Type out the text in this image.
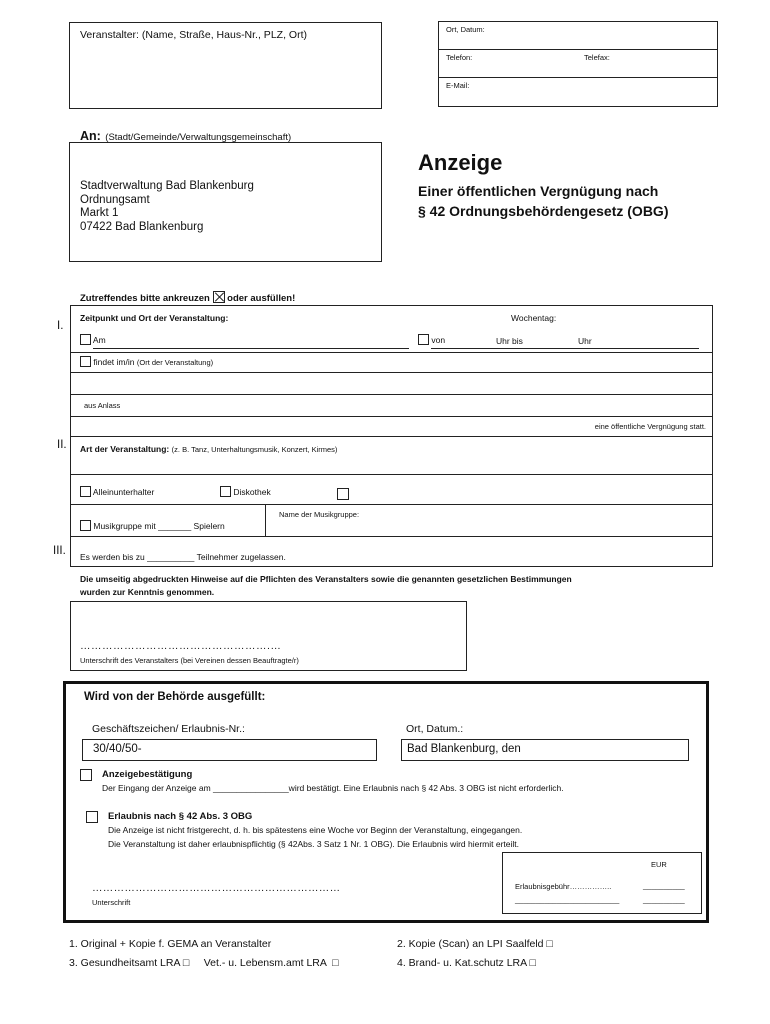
Veranstalter: (Name, Straße, Haus-Nr., PLZ, Ort)	Ort, Datum:
Telefon:	Telefax:
E-Mail:
An: (Stadt/Gemeinde/Verwaltungsgemeinschaft)
Stadtverwaltung Bad Blankenburg
Ordnungsamt
Markt 1
07422 Bad Blankenburg
Anzeige
Einer öffentlichen Vergnügung nach
§ 42 Ordnungsbehördengesetz (OBG)
Zutreffendes bitte ankreuzen oder ausfüllen!
I.
Zeitpunkt und Ort der Veranstaltung:	Wochentag:
Am	von	Uhr bis	Uhr
findet im/in (Ort der Veranstaltung)
aus Anlass
eine öffentliche Vergnügung statt.
II. Art der Veranstaltung: (z. B. Tanz, Unterhaltungsmusik, Konzert, Kirmes)
Alleinunterhalter	Diskothek
Name der Musikgruppe:
Musikgruppe mit _______ Spielern
III. Es werden bis zu __________ Teilnehmer zugelassen.
Die umseitig abgedruckten Hinweise auf die Pflichten des Veranstalters sowie die genannten gesetzlichen Bestimmungen
wurden zur Kenntnis genommen.
…………………………………………….…
Unterschrift des Veranstalters (bei Vereinen dessen Beauftragte/r)
Wird von der Behörde ausgefüllt:
Geschäftszeichen/ Erlaubnis-Nr.:	Ort, Datum.:
30/40/50-	Bad Blankenburg, den
Anzeigebestätigung
Der Eingang der Anzeige am ________________wird bestätigt. Eine Erlaubnis nach § 42 Abs. 3 OBG ist nicht erforderlich.
Erlaubnis nach § 42 Abs. 3 OBG
Die Anzeige ist nicht fristgerecht, d. h. bis spätestens eine Woche vor Beginn der Veranstaltung, eingegangen.
Die Veranstaltung ist daher erlaubnispflichtig (§ 42Abs. 3 Satz 1 Nr. 1 OBG). Die Erlaubnis wird hiermit erteilt.
EUR
Erlaubnisgebühr……………..	__________
_________________________	__________
……………………………………………………………
Unterschrift
1. Original + Kopie f. GEMA an Veranstalter	2. Kopie (Scan) an LPI Saalfeld □
3. Gesundheitsamt LRA □     Vet.- u. Lebensm.amt LRA  □	4. Brand- u. Kat.schutz LRA □
